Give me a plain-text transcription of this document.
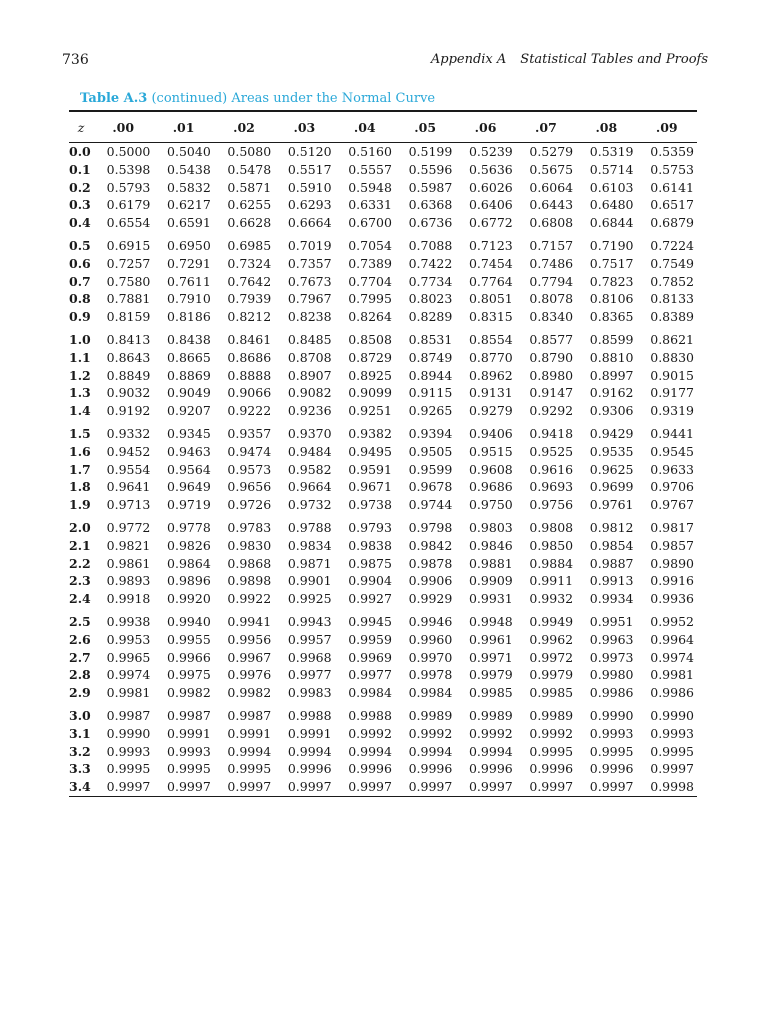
736	Appendix A Statistical Tables and Proofs
Table A.3 (continued) Areas under the Normal Curve
z	.00	.01	.02	.03	.04	.05	.06	.07	.08	.09
0.0	0.5000	0.5040	0.5080	0.5120	0.5160	0.5199	0.5239	0.5279	0.5319	0.5359
0.1	0.5398	0.5438	0.5478	0.5517	0.5557	0.5596	0.5636	0.5675	0.5714	0.5753
0.2	0.5793	0.5832	0.5871	0.5910	0.5948	0.5987	0.6026	0.6064	0.6103	0.6141
0.3	0.6179	0.6217	0.6255	0.6293	0.6331	0.6368	0.6406	0.6443	0.6480	0.6517
0.4	0.6554	0.6591	0.6628	0.6664	0.6700	0.6736	0.6772	0.6808	0.6844	0.6879
0.5	0.6915	0.6950	0.6985	0.7019	0.7054	0.7088	0.7123	0.7157	0.7190	0.7224
0.6	0.7257	0.7291	0.7324	0.7357	0.7389	0.7422	0.7454	0.7486	0.7517	0.7549
0.7	0.7580	0.7611	0.7642	0.7673	0.7704	0.7734	0.7764	0.7794	0.7823	0.7852
0.8	0.7881	0.7910	0.7939	0.7967	0.7995	0.8023	0.8051	0.8078	0.8106	0.8133
0.9	0.8159	0.8186	0.8212	0.8238	0.8264	0.8289	0.8315	0.8340	0.8365	0.8389
1.0	0.8413	0.8438	0.8461	0.8485	0.8508	0.8531	0.8554	0.8577	0.8599	0.8621
1.1	0.8643	0.8665	0.8686	0.8708	0.8729	0.8749	0.8770	0.8790	0.8810	0.8830
1.2	0.8849	0.8869	0.8888	0.8907	0.8925	0.8944	0.8962	0.8980	0.8997	0.9015
1.3	0.9032	0.9049	0.9066	0.9082	0.9099	0.9115	0.9131	0.9147	0.9162	0.9177
1.4	0.9192	0.9207	0.9222	0.9236	0.9251	0.9265	0.9279	0.9292	0.9306	0.9319
1.5	0.9332	0.9345	0.9357	0.9370	0.9382	0.9394	0.9406	0.9418	0.9429	0.9441
1.6	0.9452	0.9463	0.9474	0.9484	0.9495	0.9505	0.9515	0.9525	0.9535	0.9545
1.7	0.9554	0.9564	0.9573	0.9582	0.9591	0.9599	0.9608	0.9616	0.9625	0.9633
1.8	0.9641	0.9649	0.9656	0.9664	0.9671	0.9678	0.9686	0.9693	0.9699	0.9706
1.9	0.9713	0.9719	0.9726	0.9732	0.9738	0.9744	0.9750	0.9756	0.9761	0.9767
2.0	0.9772	0.9778	0.9783	0.9788	0.9793	0.9798	0.9803	0.9808	0.9812	0.9817
2.1	0.9821	0.9826	0.9830	0.9834	0.9838	0.9842	0.9846	0.9850	0.9854	0.9857
2.2	0.9861	0.9864	0.9868	0.9871	0.9875	0.9878	0.9881	0.9884	0.9887	0.9890
2.3	0.9893	0.9896	0.9898	0.9901	0.9904	0.9906	0.9909	0.9911	0.9913	0.9916
2.4	0.9918	0.9920	0.9922	0.9925	0.9927	0.9929	0.9931	0.9932	0.9934	0.9936
2.5	0.9938	0.9940	0.9941	0.9943	0.9945	0.9946	0.9948	0.9949	0.9951	0.9952
2.6	0.9953	0.9955	0.9956	0.9957	0.9959	0.9960	0.9961	0.9962	0.9963	0.9964
2.7	0.9965	0.9966	0.9967	0.9968	0.9969	0.9970	0.9971	0.9972	0.9973	0.9974
2.8	0.9974	0.9975	0.9976	0.9977	0.9977	0.9978	0.9979	0.9979	0.9980	0.9981
2.9	0.9981	0.9982	0.9982	0.9983	0.9984	0.9984	0.9985	0.9985	0.9986	0.9986
3.0	0.9987	0.9987	0.9987	0.9988	0.9988	0.9989	0.9989	0.9989	0.9990	0.9990
3.1	0.9990	0.9991	0.9991	0.9991	0.9992	0.9992	0.9992	0.9992	0.9993	0.9993
3.2	0.9993	0.9993	0.9994	0.9994	0.9994	0.9994	0.9994	0.9995	0.9995	0.9995
3.3	0.9995	0.9995	0.9995	0.9996	0.9996	0.9996	0.9996	0.9996	0.9996	0.9997
3.4	0.9997	0.9997	0.9997	0.9997	0.9997	0.9997	0.9997	0.9997	0.9997	0.9998
